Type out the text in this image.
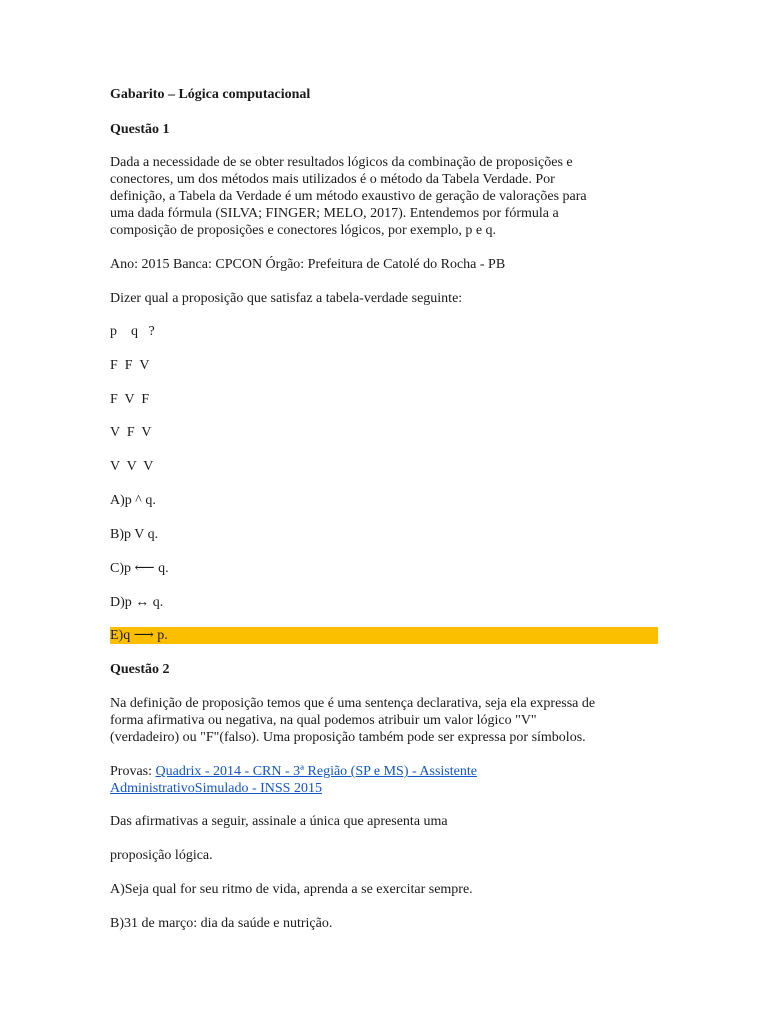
Gabarito – Lógica computacional
Questão 1
Dada a necessidade de se obter resultados lógicos da combinação de proposições e
conectores, um dos métodos mais utilizados é o método da Tabela Verdade. Por
definição, a Tabela da Verdade é um método exaustivo de geração de valorações para
uma dada fórmula (SILVA; FINGER; MELO, 2017). Entendemos por fórmula a
composição de proposições e conectores lógicos, por exemplo, p e q.
Ano: 2015 Banca: CPCON Órgão: Prefeitura de Catolé do Rocha - PB
Dizer qual a proposição que satisfaz a tabela-verdade seguinte:
p    q   ?
F  F  V
F  V  F
V  F  V
V  V  V
A)p ^ q.
B)p V q.
C)p ⟵ q.
D)p ↔ q.
E)q ⟶ p.
Questão 2
Na definição de proposição temos que é uma sentença declarativa, seja ela expressa de
forma afirmativa ou negativa, na qual podemos atribuir um valor lógico "V"
(verdadeiro) ou "F"(falso). Uma proposição também pode ser expressa por símbolos.
Provas: Quadrix - 2014 - CRN - 3ª Região (SP e MS) - Assistente
AdministrativoSimulado - INSS 2015
Das afirmativas a seguir, assinale a única que apresenta uma
proposição lógica.
A)Seja qual for seu ritmo de vida, aprenda a se exercitar sempre.
B)31 de março: dia da saúde e nutrição.
